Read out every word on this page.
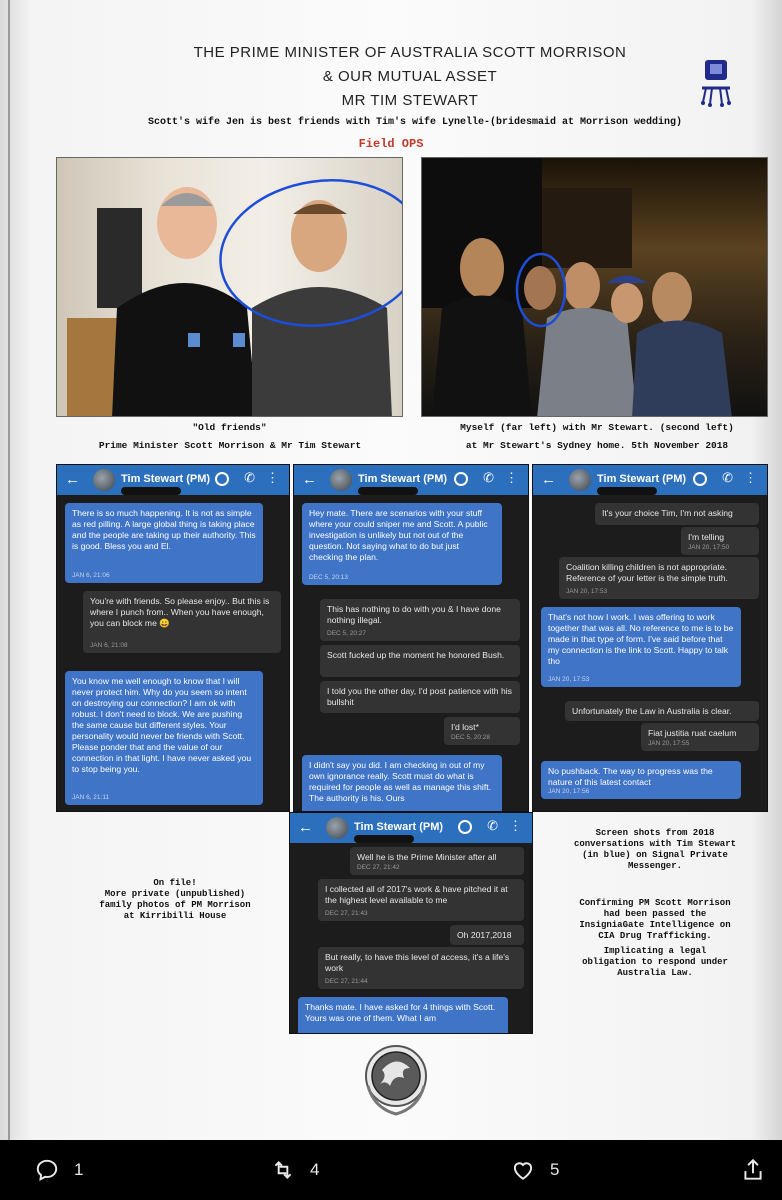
THE PRIME MINISTER OF AUSTRALIA SCOTT MORRISON
& OUR MUTUAL ASSET
MR TIM STEWART
Scott's wife Jen is best friends with Tim's wife Lynelle-(bridesmaid at Morrison wedding)
Field OPS
"Old friends"
Prime Minister Scott Morrison & Mr Tim Stewart
Myself (far left) with Mr Stewart. (second left)
at Mr Stewart's Sydney home. 5th November 2018
←	Tim Stewart (PM)	✆ ⋮
There is so much happening. It is not as simple as red pilling. A large global thing is taking place and the people are taking up their authority. This is good. Bless you and El.
JAN 6, 21:06
You're with friends. So please enjoy.. But this is where I punch from.. When you have enough, you can block me 😀
JAN 6, 21:08
You know me well enough to know that I will never protect him. Why do you seem so intent on destroying our connection? I am ok with robust. I don't need to block. We are pushing the same cause but different styles. Your personality would never be friends with Scott. Please ponder that and the value of our connection in that light. I have never asked you to stop being you.
JAN 6, 21:11
←	Tim Stewart (PM)	✆ ⋮
Hey mate. There are scenarios with your stuff where your could sniper me and Scott. A public investigation is unlikely but not out of the question. Not saying what to do but just checking the plan.
DEC 5, 20:13
This has nothing to do with you & I have done nothing illegal.
DEC 5, 20:27
Scott fucked up the moment he honored Bush.
I told you the other day, I'd post patience with his bullshit
I'd lost*
DEC 5, 20:28
I didn't say you did. I am checking in out of my own ignorance really. Scott must do what is required for people as well as manage this shift. The authority is his. Ours
←	Tim Stewart (PM)	✆ ⋮
It's your choice Tim, I'm not asking
I'm telling
JAN 20, 17:50
Coalition killing children is not appropriate. Reference of your letter is the simple truth.
JAN 20, 17:53
That's not how I work. I was offering to work together that was all. No reference to me is to be made in that type of form. I've said before that my connection is the link to Scott. Happy to talk tho
JAN 20, 17:53
Unfortunately the Law in Australia is clear.
Fiat justitia ruat caelum
JAN 20, 17:55
No pushback. The way to progress was the nature of this latest contact
JAN 20, 17:56
←	Tim Stewart (PM)	✆ ⋮
Well he is the Prime Minister after all
DEC 27, 21:42
I collected all of 2017's work & have pitched it at the highest level available to me
DEC 27, 21:43
Oh 2017,2018
But really, to have this level of access, it's a life's work
DEC 27, 21:44
Thanks mate. I have asked for 4 things with Scott. Yours was one of them. What I am
On file!
More private (unpublished)
family photos of PM Morrison
at Kirribilli House
Screen shots from 2018
conversations with Tim Stewart
(in blue) on Signal Private
Messenger.
Confirming PM Scott Morrison
had been passed the
InsigniaGate Intelligence on
CIA Drug Trafficking.
Implicating a legal
obligation to respond under
Australia Law.
1	4	5
